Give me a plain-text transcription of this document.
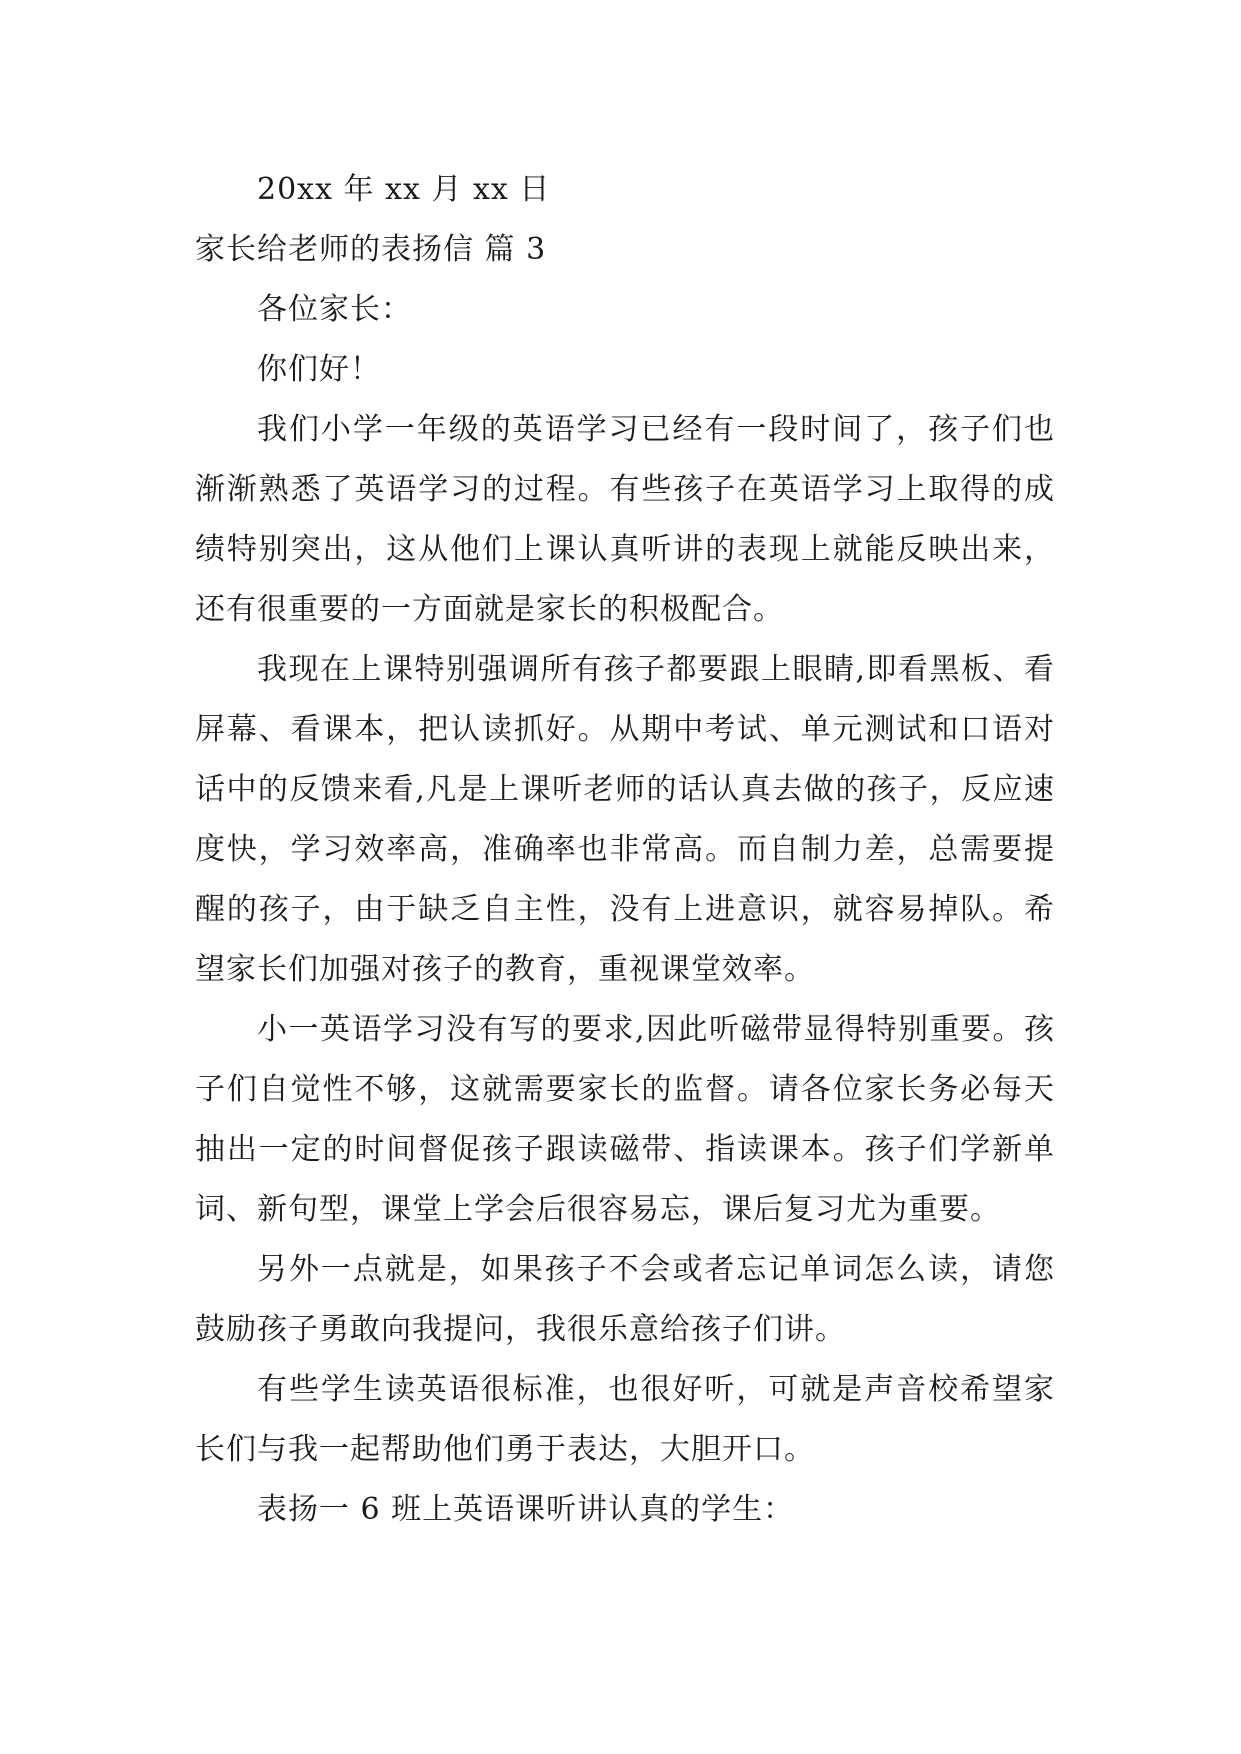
20xx 年 xx 月 xx 日
家长给老师的表扬信 篇 3
各位家长：
你们好！

我们小学一年级的英语学习已经有一段时间了，孩子们也渐渐熟悉了英语学习的过程。有些孩子在英语学习上取得的成绩特别突出，这从他们上课认真听讲的表现上就能反映出来，还有很重要的一方面就是家长的积极配合。

我现在上课特别强调所有孩子都要跟上眼睛,即看黑板、看屏幕、看课本，把认读抓好。从期中考试、单元测试和口语对话中的反馈来看,凡是上课听老师的话认真去做的孩子，反应速度快，学习效率高，准确率也非常高。而自制力差，总需要提醒的孩子，由于缺乏自主性，没有上进意识，就容易掉队。希望家长们加强对孩子的教育，重视课堂效率。

小一英语学习没有写的要求,因此听磁带显得特别重要。孩子们自觉性不够，这就需要家长的监督。请各位家长务必每天抽出一定的时间督促孩子跟读磁带、指读课本。孩子们学新单词、新句型，课堂上学会后很容易忘，课后复习尤为重要。

另外一点就是，如果孩子不会或者忘记单词怎么读，请您鼓励孩子勇敢向我提问，我很乐意给孩子们讲。

有些学生读英语很标准，也很好听，可就是声音校希望家长们与我一起帮助他们勇于表达，大胆开口。

表扬一 6 班上英语课听讲认真的学生：
